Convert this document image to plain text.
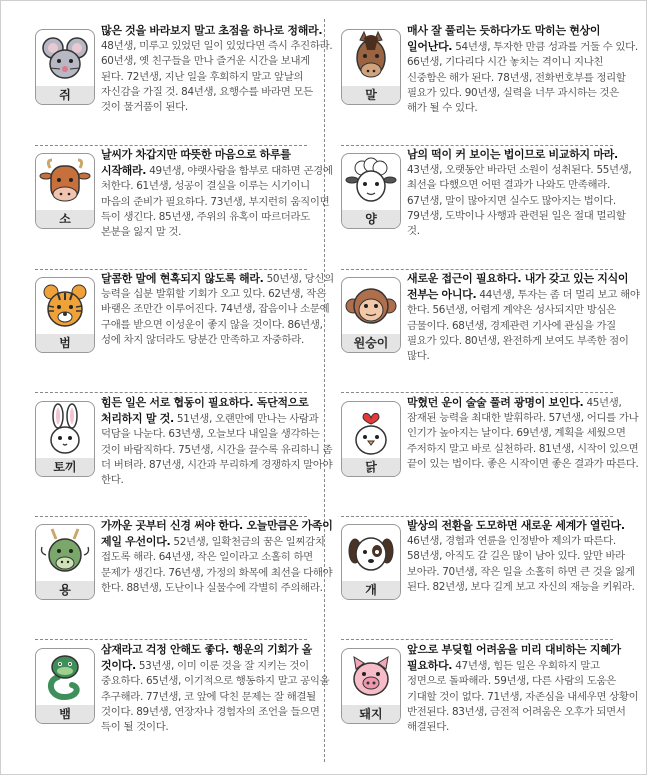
쥐
많은 것을 바라보지 말고 초점을 하나로 정해라. 48년생, 미루고 있었던 일이 있었다면 즉시 추진하라. 60년생, 옛 친구들을 만나 즐거운 시간을 보내게 된다. 72년생, 지난 일을 후회하지 말고 앞날의 자신감을 가질 것. 84년생, 요행수를 바라면 모든 것이 물거품이 된다.
말
매사 잘 풀리는 듯하다가도 막히는 현상이 일어난다. 54년생, 투자한 만큼 성과를 거둘 수 있다. 66년생, 기다리다 시간 놓치는 격이니 지나친 신중함은 해가 된다. 78년생, 전화번호부를 정리할 필요가 있다. 90년생, 실력을 너무 과시하는 것은 해가 될 수 있다.
소
날씨가 차갑지만 따뜻한 마음으로 하루를 시작해라. 49년생, 야랫사람을 함부로 대하면 곤경에 처한다. 61년생, 성공이 결실을 이루는 시기이니 마음의 준비가 필요하다. 73년생, 부지런히 움직이면 득이 생긴다. 85년생, 주위의 유혹이 따르더라도 본분을 잃지 말 것.
양
남의 떡이 커 보이는 법이므로 비교하지 마라. 43년생, 오랫동안 바라던 소원이 성취된다. 55년생, 최선을 다했으면 어떤 결과가 나와도 만족해라. 67년생, 말이 많아지면 실수도 많아지는 법이다. 79년생, 도박이나 사행과 관련된 일은 절대 멀리할 것.
범
달콤한 말에 현혹되지 않도록 해라. 50년생, 당신의 능력을 십분 발휘할 기회가 오고 있다. 62년생, 작은 바램은 조만간 이루어진다. 74년생, 잡음이나 소문에 구애를 받으면 이성운이 좋지 않을 것이다. 86년생, 성에 차지 않더라도 당분간 만족하고 자중하라.	원숭이
새로운 접근이 필요하다. 내가 갖고 있는 지식이 전부는 아니다. 44년생, 투자는 좀 더 멀리 보고 해야 한다. 56년생, 어렵게 계약은 성사되지만 방심은 금물이다. 68년생, 경제관련 기사에 관심을 가질 필요가 있다. 80년생, 완전하게 보여도 부족한 점이 많다.
토끼
힘든 일은 서로 협동이 필요하다. 독단적으로 처리하지 말 것. 51년생, 오랜만에 만나는 사람과 덕담을 나눈다. 63년생, 오늘보다 내일을 생각하는 것이 바람직하다. 75년생, 시간을 끌수록 유리하니 좀 더 버텨라. 87년생, 시간과 무리하게 경쟁하지 말아야 한다.
닭
막혔던 운이 술술 풀려 광명이 보인다. 45년생, 잠재된 능력을 최대한 발휘하라. 57년생, 어디를 가나 인기가 높아지는 날이다. 69년생, 계획을 세웠으면 주저하지 말고 바로 실천하라. 81년생, 시작이 있으면 끝이 있는 법이다. 좋은 시작이면 좋은 결과가 따른다.
용
가까운 곳부터 신경 써야 한다. 오늘만큼은 가족이 제일 우선이다. 52년생, 일확천금의 꿈은 일찌감치 접도록 해라. 64년생, 작은 일이라고 소홀히 하면 문제가 생긴다. 76년생, 가정의 화목에 최선을 다해야 한다. 88년생, 도난이나 실물수에 각별히 주의해라.	개
발상의 전환을 도모하면 새로운 세계가 열린다. 46년생, 경험과 연륜을 인정받아 제의가 따른다. 58년생, 아직도 갈 길은 많이 남아 있다. 앞만 바라 보아라. 70년생, 작은 일을 소홀히 하면 큰 것을 잃게 된다. 82년생, 보다 길게 보고 자신의 재능을 키워라.
뱀
삼재라고 걱정 안해도 좋다. 행운의 기회가 올 것이다. 53년생, 이미 이룬 것을 잘 지키는 것이 중요하다. 65년생, 이기적으로 행동하지 말고 공익을 추구해라. 77년생, 코 앞에 닥친 문제는 잘 해결될 것이다. 89년생, 연장자나 경험자의 조언을 들으면 득이 될 것이다.
돼지
앞으로 부딪힐 어려움을 미리 대비하는 지혜가 필요하다. 47년생, 힘든 일은 우회하지 말고 정면으로 돌파해라. 59년생, 다른 사람의 도움은 기대할 것이 없다. 71년생, 자존심을 내세우면 상황이 반전된다. 83년생, 금전적 어려움은 오후가 되면서 해결된다.
